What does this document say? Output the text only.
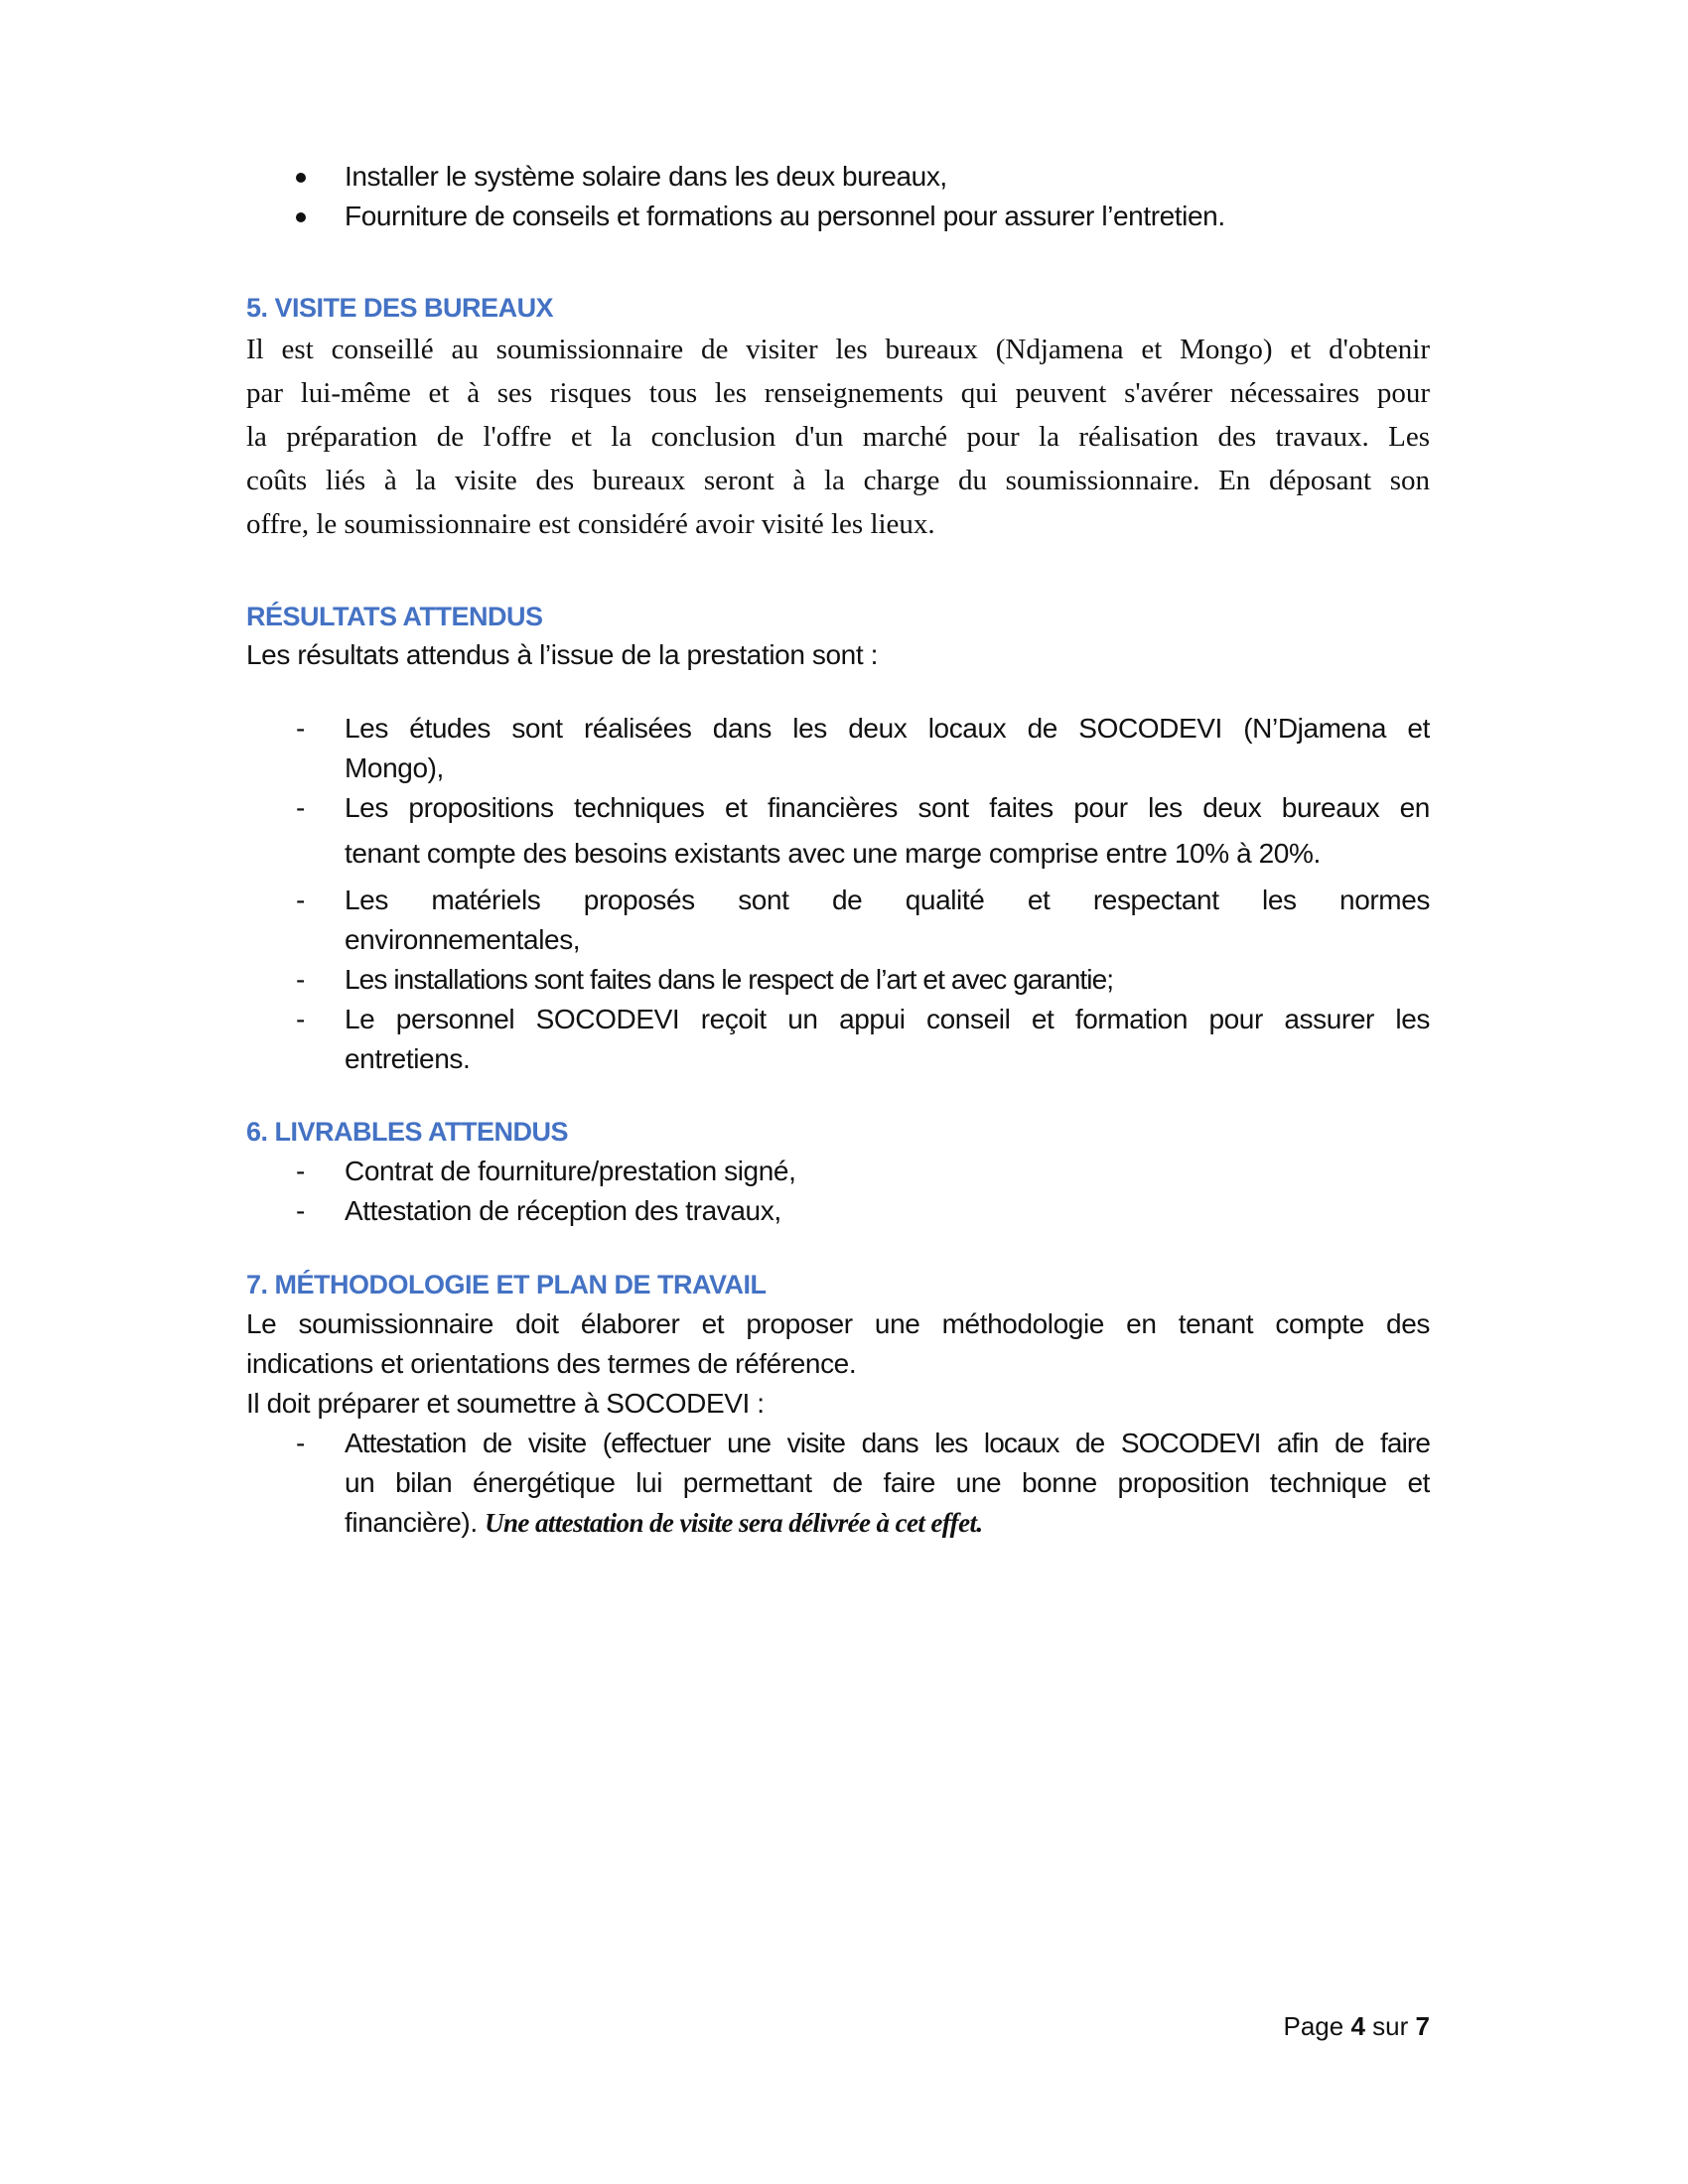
Installer le système solaire dans les deux bureaux,
Fourniture de conseils et formations au personnel pour assurer l’entretien.
5. VISITE DES BUREAUX
Il est conseillé au soumissionnaire de visiter les bureaux (Ndjamena et Mongo) et d'obtenir
par lui-même et à ses risques tous les renseignements qui peuvent s'avérer nécessaires pour
la préparation de l'offre et la conclusion d'un marché pour la réalisation des travaux. Les
coûts liés à la visite des bureaux seront à la charge du soumissionnaire. En déposant son
offre, le soumissionnaire est considéré avoir visité les lieux.
RÉSULTATS ATTENDUS
Les résultats attendus à l’issue de la prestation sont :
- Les études sont réalisées dans les deux locaux de SOCODEVI (N’Djamena et
Mongo),
- Les propositions techniques et financières sont faites pour les deux bureaux en
tenant compte des besoins existants avec une marge comprise entre 10% à 20%.
- Les matériels proposés sont de qualité et respectant les normes
environnementales,
- Les installations sont faites dans le respect de l’art et avec garantie;
- Le personnel SOCODEVI reçoit un appui conseil et formation pour assurer les
entretiens.
6. LIVRABLES ATTENDUS
- Contrat de fourniture/prestation signé,
- Attestation de réception des travaux,
7. MÉTHODOLOGIE ET PLAN DE TRAVAIL
Le soumissionnaire doit élaborer et proposer une méthodologie en tenant compte des
indications et orientations des termes de référence.
Il doit préparer et soumettre à SOCODEVI :
- Attestation de visite (effectuer une visite dans les locaux de SOCODEVI afin de faire
un bilan énergétique lui permettant de faire une bonne proposition technique et
financière). Une attestation de visite sera délivrée à cet effet.
Page 4 sur 7
